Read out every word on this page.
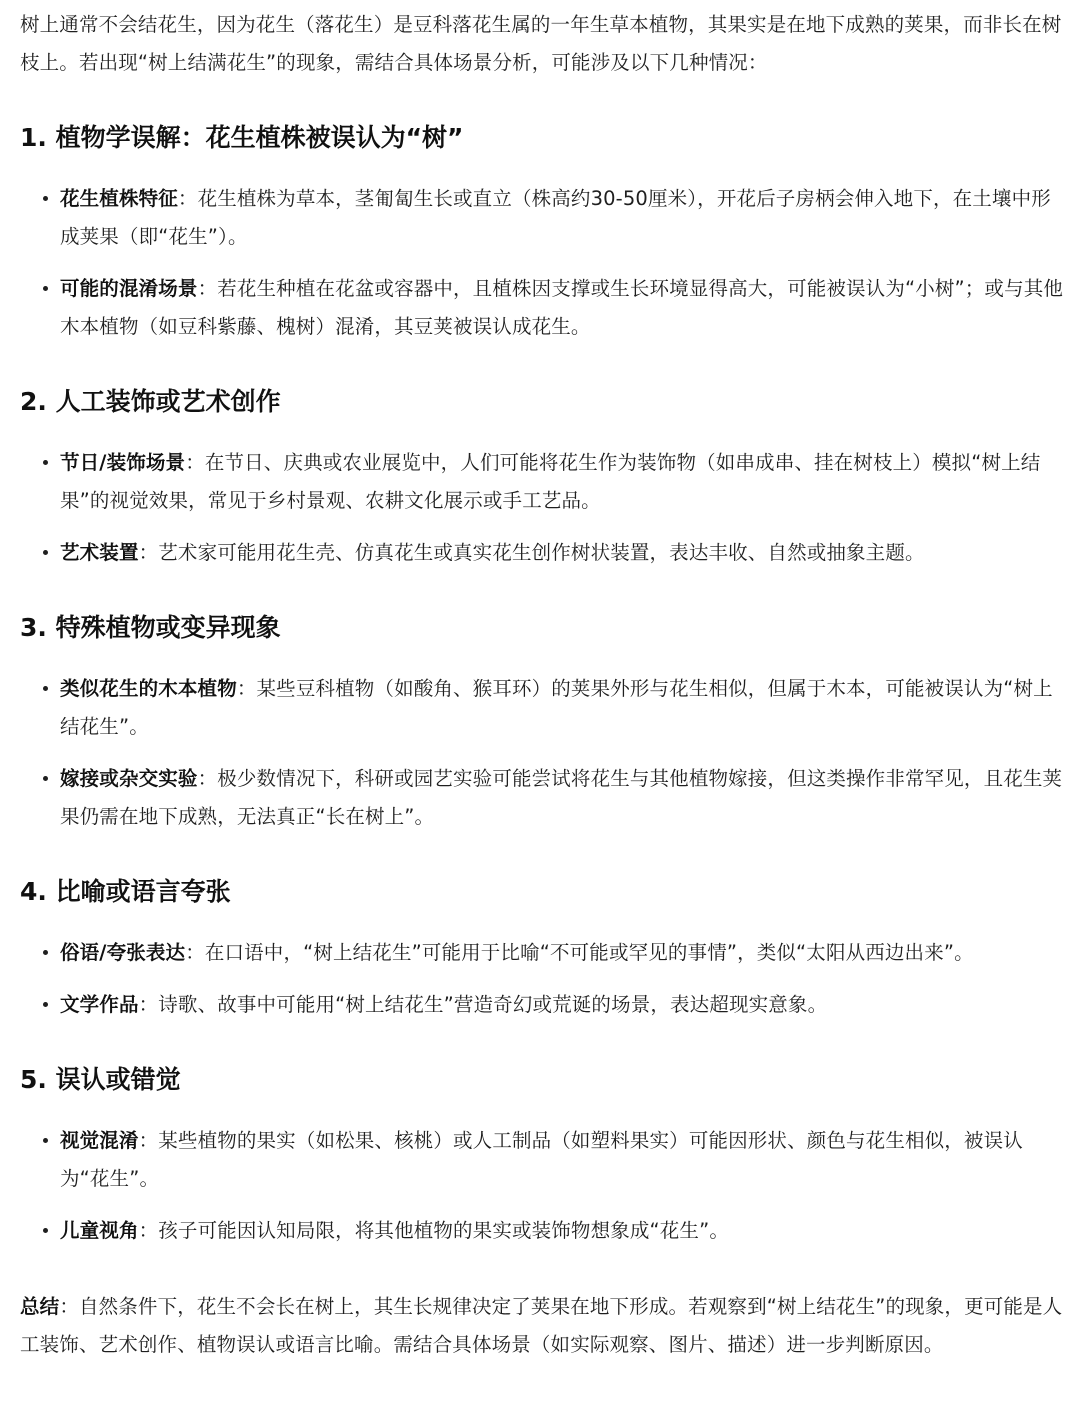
树上通常不会结花生，因为花生（落花生）是豆科落花生属的一年生草本植物，其果实是在地下成熟的荚果，而非长在树枝上。若出现“树上结满花生”的现象，需结合具体场景分析，可能涉及以下几种情况：

1. 植物学误解：花生植株被误认为“树”
花生植株特征：花生植株为草本，茎匍匐生长或直立（株高约30-50厘米），开花后子房柄会伸入地下，在土壤中形成荚果（即“花生”）。
可能的混淆场景：若花生种植在花盆或容器中，且植株因支撑或生长环境显得高大，可能被误认为“小树”；或与其他木本植物（如豆科紫藤、槐树）混淆，其豆荚被误认成花生。
2. 人工装饰或艺术创作
节日/装饰场景：在节日、庆典或农业展览中，人们可能将花生作为装饰物（如串成串、挂在树枝上）模拟“树上结果”的视觉效果，常见于乡村景观、农耕文化展示或手工艺品。
艺术装置：艺术家可能用花生壳、仿真花生或真实花生创作树状装置，表达丰收、自然或抽象主题。
3. 特殊植物或变异现象
类似花生的木本植物：某些豆科植物（如酸角、猴耳环）的荚果外形与花生相似，但属于木本，可能被误认为“树上结花生”。
嫁接或杂交实验：极少数情况下，科研或园艺实验可能尝试将花生与其他植物嫁接，但这类操作非常罕见，且花生荚果仍需在地下成熟，无法真正“长在树上”。
4. 比喻或语言夸张
俗语/夸张表达：在口语中，“树上结花生”可能用于比喻“不可能或罕见的事情”，类似“太阳从西边出来”。
文学作品：诗歌、故事中可能用“树上结花生”营造奇幻或荒诞的场景，表达超现实意象。
5. 误认或错觉
视觉混淆：某些植物的果实（如松果、核桃）或人工制品（如塑料果实）可能因形状、颜色与花生相似，被误认为“花生”。
儿童视角：孩子可能因认知局限，将其他植物的果实或装饰物想象成“花生”。

总结：自然条件下，花生不会长在树上，其生长规律决定了荚果在地下形成。若观察到“树上结花生”的现象，更可能是人工装饰、艺术创作、植物误认或语言比喻。需结合具体场景（如实际观察、图片、描述）进一步判断原因。
